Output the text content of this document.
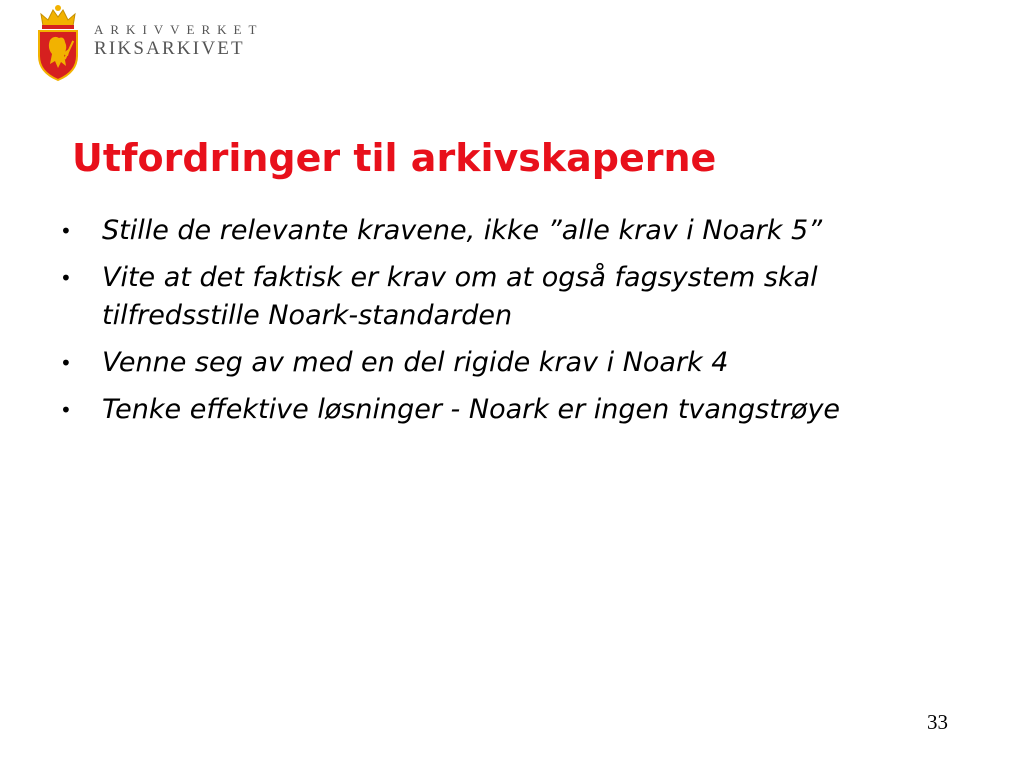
ARKIVVERKET
RIKSARKIVET
Utfordringer til arkivskaperne
•	Stille de relevante kravene, ikke ”alle krav i Noark 5”
•	Vite at det faktisk er krav om at også fagsystem skal tilfredsstille Noark-standarden
•	Venne seg av med en del rigide krav i Noark 4
•	Tenke effektive løsninger - Noark er ingen tvangstrøye
33
